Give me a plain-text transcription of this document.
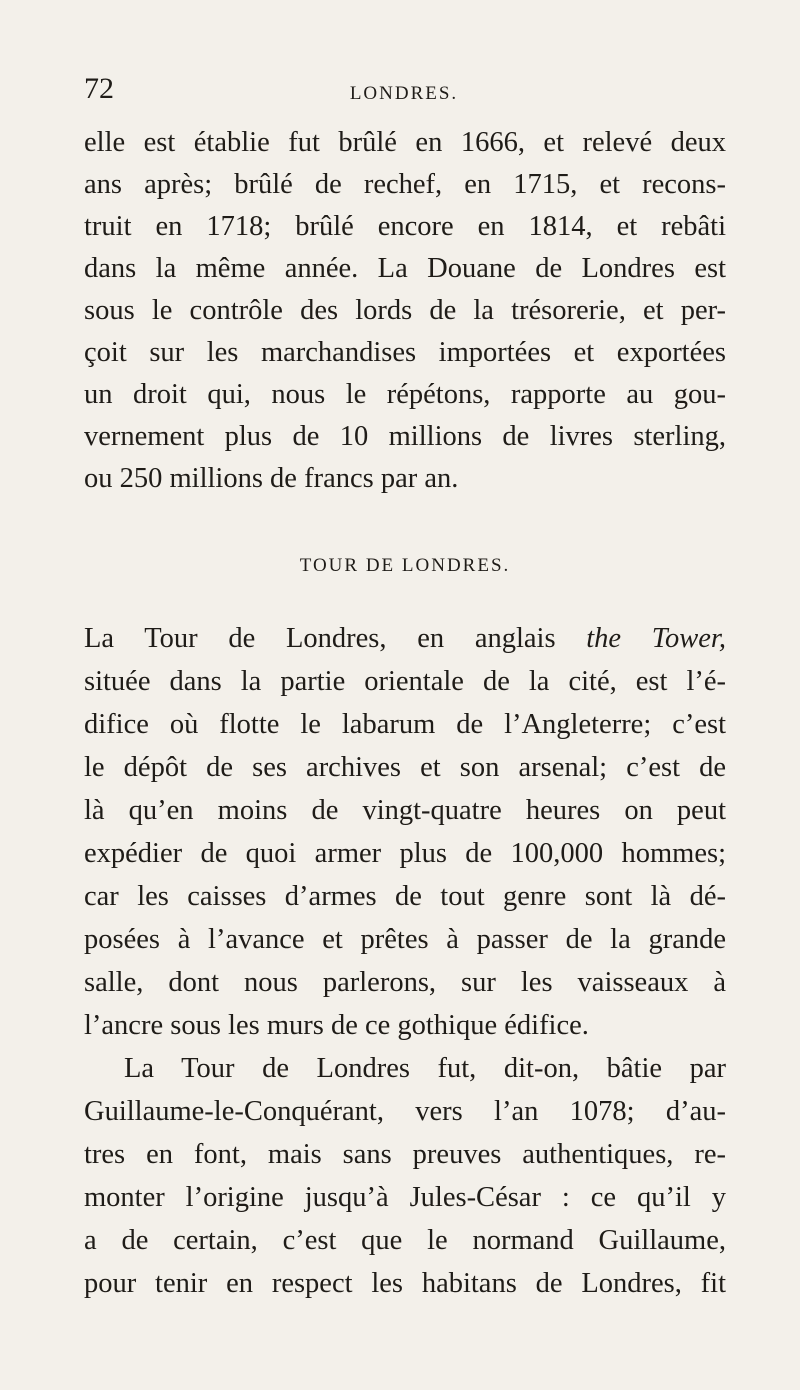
72	LONDRES.
elle est établie fut brûlé en 1666, et relevé deux
ans après; brûlé de rechef, en 1715, et recons-
truit en 1718; brûlé encore en 1814, et rebâti
dans la même année. La Douane de Londres est
sous le contrôle des lords de la trésorerie, et per-
çoit sur les marchandises importées et exportées
un droit qui, nous le répétons, rapporte au gou-
vernement plus de 10 millions de livres sterling,
ou 250 millions de francs par an.
TOUR DE LONDRES.
La Tour de Londres, en anglais the Tower,
située dans la partie orientale de la cité, est l’é-
difice où flotte le labarum de l’Angleterre; c’est
le dépôt de ses archives et son arsenal; c’est de
là qu’en moins de vingt-quatre heures on peut
expédier de quoi armer plus de 100,000 hommes;
car les caisses d’armes de tout genre sont là dé-
posées à l’avance et prêtes à passer de la grande
salle, dont nous parlerons, sur les vaisseaux à
l’ancre sous les murs de ce gothique édifice.
La Tour de Londres fut, dit-on, bâtie par
Guillaume-le-Conquérant, vers l’an 1078; d’au-
tres en font, mais sans preuves authentiques, re-
monter l’origine jusqu’à Jules-César : ce qu’il y
a de certain, c’est que le normand Guillaume,
pour tenir en respect les habitans de Londres, fit
